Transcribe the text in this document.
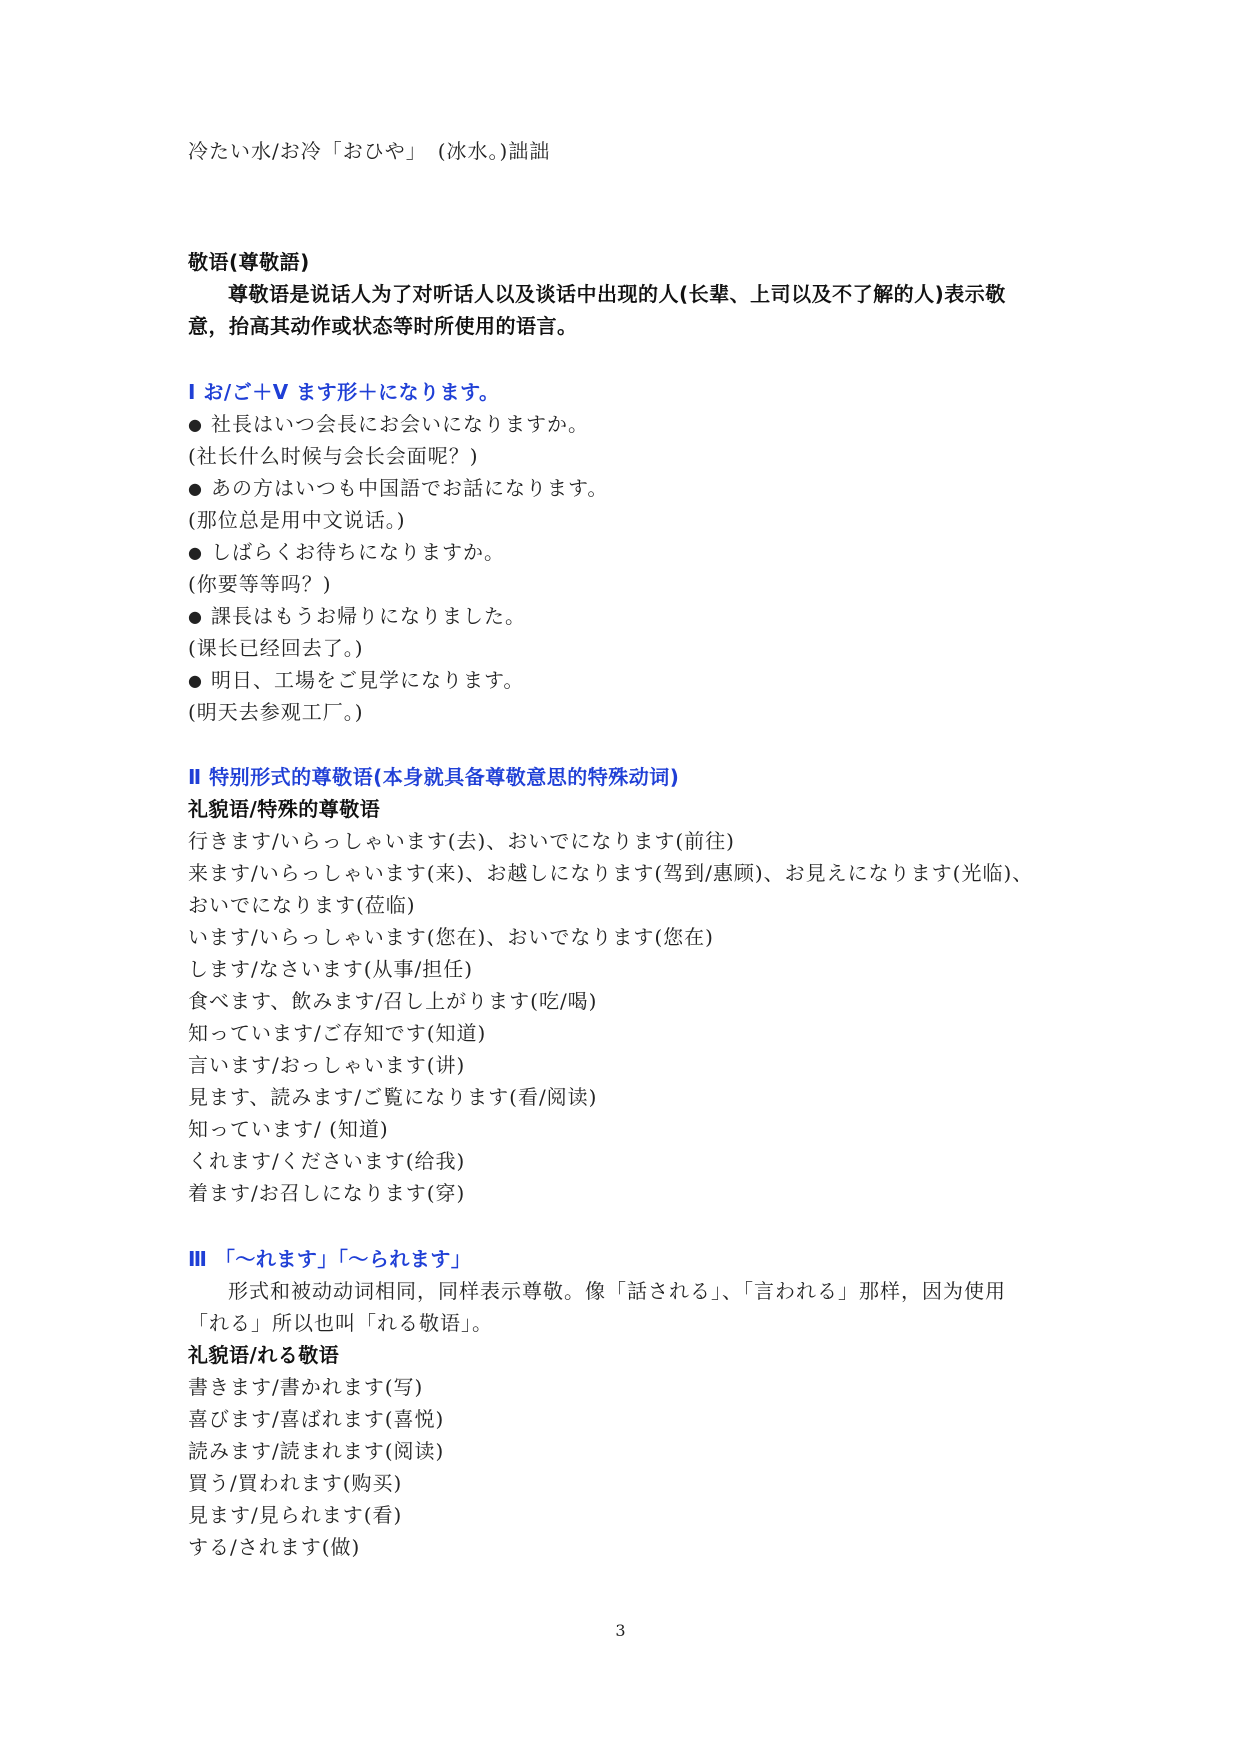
冷たい水/お冷「おひや」　(冰水。)詘詘
敬语(尊敬語)
尊敬语是说话人为了对听话人以及谈话中出现的人(长辈、上司以及不了解的人)表示敬
意，抬高其动作或状态等时所使用的语言。
Ⅰ お/ご＋V ます形＋になります。
● 社長はいつ会長にお会いになりますか。
(社长什么时候与会长会面呢？)
● あの方はいつも中国語でお話になります。
(那位总是用中文说话。)
● しばらくお待ちになりますか。
(你要等等吗？)
● 課長はもうお帰りになりました。
(课长已经回去了。)
● 明日、工場をご見学になります。
(明天去参观工厂。)
Ⅱ 特别形式的尊敬语(本身就具备尊敬意思的特殊动词)
礼貌语/特殊的尊敬语
行きます/いらっしゃいます(去)、おいでになります(前往)
来ます/いらっしゃいます(来)、お越しになります(驾到/惠顾)、お見えになります(光临)、
おいでになります(莅临)
います/いらっしゃいます(您在)、おいでなります(您在)
します/なさいます(从事/担任)
食べます、飲みます/召し上がります(吃/喝)
知っています/ご存知です(知道)
言います/おっしゃいます(讲)
見ます、読みます/ご覧になります(看/阅读)
知っています/ (知道)
くれます/くださいます(给我)
着ます/お召しになります(穿)
Ⅲ 「～れます」「～られます」
形式和被动动词相同，同样表示尊敬。像「話される」、「言われる」那样，因为使用
「れる」所以也叫「れる敬语」。
礼貌语/れる敬语
書きます/書かれます(写)
喜びます/喜ばれます(喜悦)
読みます/読まれます(阅读)
買う/買われます(购买)
見ます/見られます(看)
する/されます(做)
3
